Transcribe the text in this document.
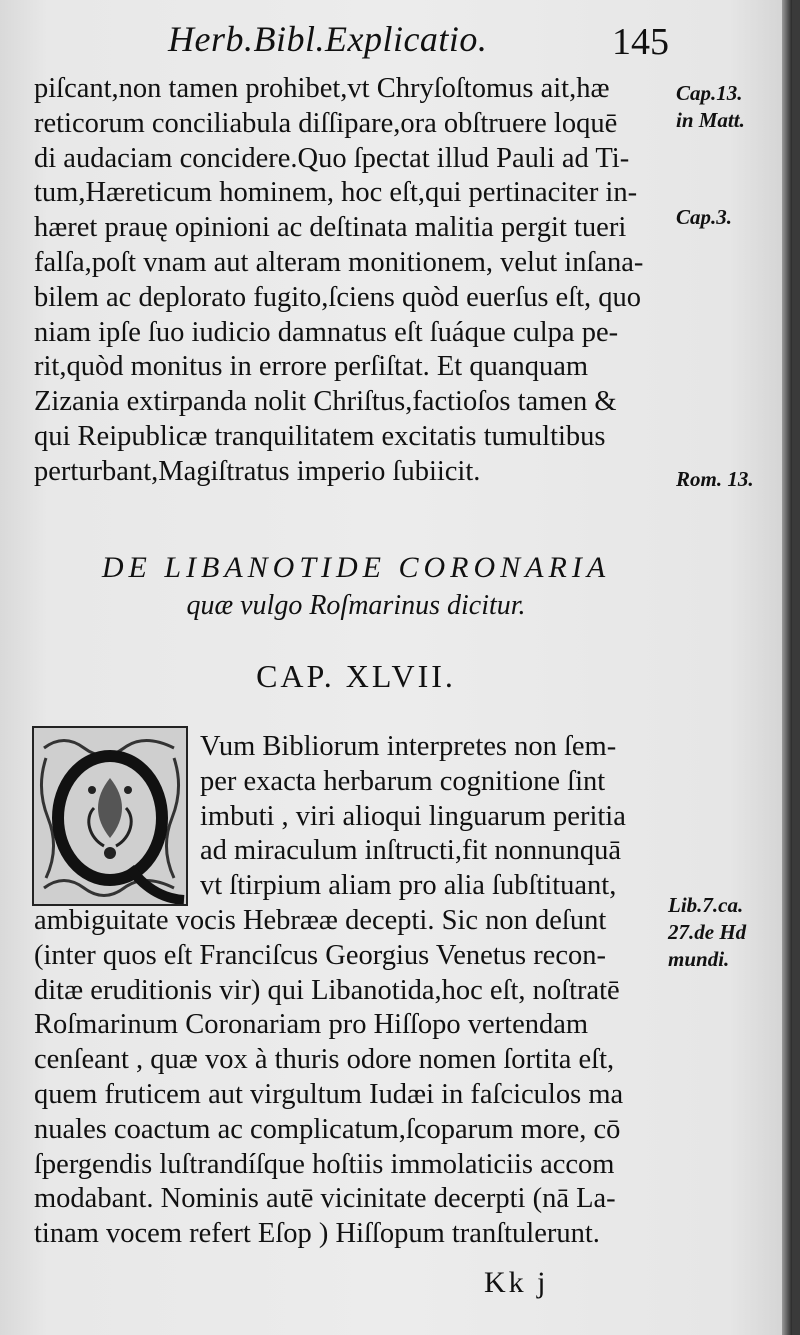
Herb.Bibl.Explicatio.	145
piſcant,non tamen prohibet,vt Chryſoſtomus ait,hæ
reticorum conciliabula diſſipare,ora obſtruere loquē
di audaciam concidere.Quo ſpectat illud Pauli ad Ti-
tum,Hæreticum hominem, hoc eſt,qui pertinaciter in-
hæret prauę opinioni ac deſtinata malitia pergit tueri
falſa,poſt vnam aut alteram monitionem, velut inſana-
bilem ac deplorato fugito,ſciens quòd euerſus eſt, quo
niam ipſe ſuo iudicio damnatus eſt ſuáque culpa pe-
rit,quòd monitus in errore perſiſtat. Et quanquam
Zizania extirpanda nolit Chriſtus,factioſos tamen &
qui Reipublicæ tranquilitatem excitatis tumultibus
perturbant,Magiſtratus imperio ſubiicit.
Cap.13.
in Matt.
Cap.3.
Rom. 13.
DE LIBANOTIDE CORONARIA
quæ vulgo Roſmarinus dicitur.
CAP. XLVII.
Vum Bibliorum interpretes non ſem-
per exacta herbarum cognitione ſint
imbuti , viri alioqui linguarum peritia
ad miraculum inſtructi,fit nonnunquā
vt ſtirpium aliam pro alia ſubſtituant,
ambiguitate vocis Hebrææ decepti. Sic non deſunt
(inter quos eſt Franciſcus Georgius Venetus recon-
ditæ eruditionis vir) qui Libanotida,hoc eſt, noſtratē
Roſmarinum Coronariam pro Hiſſopo vertendam
cenſeant , quæ vox à thuris odore nomen ſortita eſt,
quem fruticem aut virgultum Iudæi in faſciculos ma
nuales coactum ac complicatum,ſcoparum more, cō
ſpergendis luſtrandíſque hoſtiis immolaticiis accom
modabant. Nominis autē vicinitate decerpti (nā La-
tinam vocem refert Eſop ) Hiſſopum tranſtulerunt.
Lib.7.ca.
27.de Hd
mundi.
Kk j
